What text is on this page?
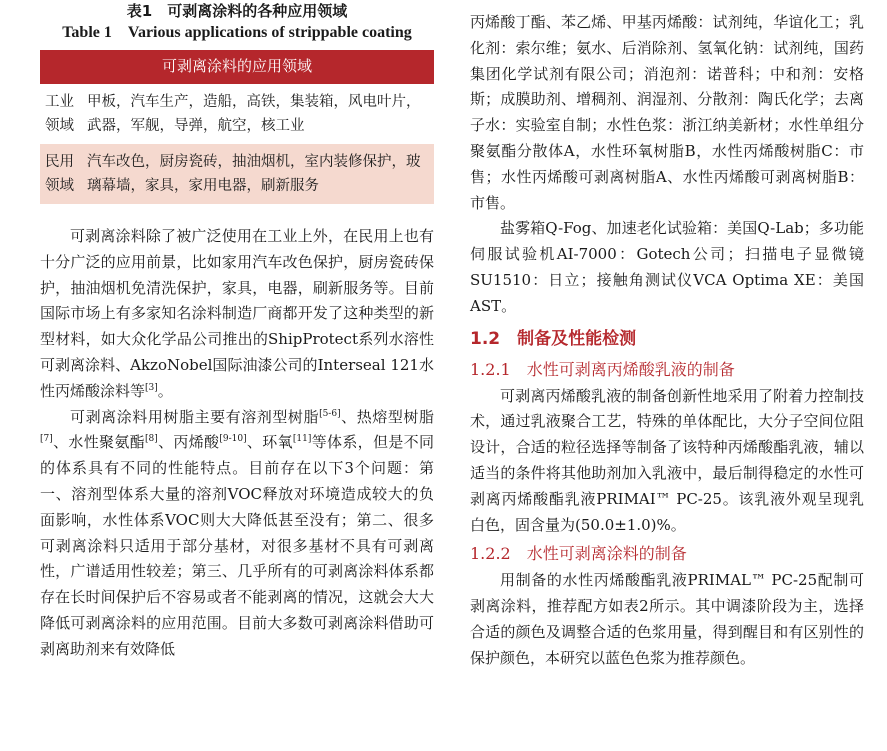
表1　可剥离涂料的各种应用领域
Table 1　Various applications of strippable coating
可剥离涂料的应用领域
工业领域
甲板，汽车生产，造船，高铁，集装箱，风电叶片，武器，军舰，导弹，航空，核工业
民用领域
汽车改色，厨房瓷砖，抽油烟机，室内装修保护，玻璃幕墙，家具，家用电器，刷新服务

可剥离涂料除了被广泛使用在工业上外，在民用上也有十分广泛的应用前景，比如家用汽车改色保护，厨房瓷砖保护，抽油烟机免清洗保护，家具，电器，刷新服务等。目前国际市场上有多家知名涂料制造厂商都开发了这种类型的新型材料，如大众化学品公司推出的ShipProtect系列水溶性可剥离涂料、AkzoNobel国际油漆公司的Interseal 121水性丙烯酸涂料等[3]。

可剥离涂料用树脂主要有溶剂型树脂[5-6]、热熔型树脂[7]、水性聚氨酯[8]、丙烯酸[9-10]、环氧[11]等体系，但是不同的体系具有不同的性能特点。目前存在以下3个问题：第一、溶剂型体系大量的溶剂VOC释放对环境造成较大的负面影响，水性体系VOC则大大降低甚至没有；第二、很多可剥离涂料只适用于部分基材，对很多基材不具有可剥离性，广谱适用性较差；第三、几乎所有的可剥离涂料体系都存在长时间保护后不容易或者不能剥离的情况，这就会大大降低可剥离涂料的应用范围。目前大多数可剥离涂料借助可剥离助剂来有效降低

丙烯酸丁酯、苯乙烯、甲基丙烯酸：试剂纯，华谊化工；乳化剂：索尔维；氨水、后消除剂、氢氧化钠：试剂纯，国药集团化学试剂有限公司；消泡剂：诺普科；中和剂：安格斯；成膜助剂、增稠剂、润湿剂、分散剂：陶氏化学；去离子水：实验室自制；水性色浆：浙江纳美新材；水性单组分聚氨酯分散体A，水性环氧树脂B，水性丙烯酸树脂C：市售；水性丙烯酸可剥离树脂A、水性丙烯酸可剥离树脂B：市售。

盐雾箱Q-Fog、加速老化试验箱：美国Q-Lab；多功能伺服试验机AI-7000：Gotech公司；扫描电子显微镜SU1510：日立；接触角测试仪VCA Optima XE：美国AST。

1.2　制备及性能检测
1.2.1　水性可剥离丙烯酸乳液的制备

可剥离丙烯酸乳液的制备创新性地采用了附着力控制技术，通过乳液聚合工艺，特殊的单体配比，大分子空间位阻设计，合适的粒径选择等制备了该特种丙烯酸酯乳液，辅以适当的条件将其他助剂加入乳液中，最后制得稳定的水性可剥离丙烯酸酯乳液PRIMAI™ PC-25。该乳液外观呈现乳白色，固含量为(50.0±1.0)%。

1.2.2　水性可剥离涂料的制备

用制备的水性丙烯酸酯乳液PRIMAL™ PC-25配制可剥离涂料，推荐配方如表2所示。其中调漆阶段为主，选择合适的颜色及调整合适的色浆用量，得到醒目和有区别性的保护颜色，本研究以蓝色色浆为推荐颜色。
